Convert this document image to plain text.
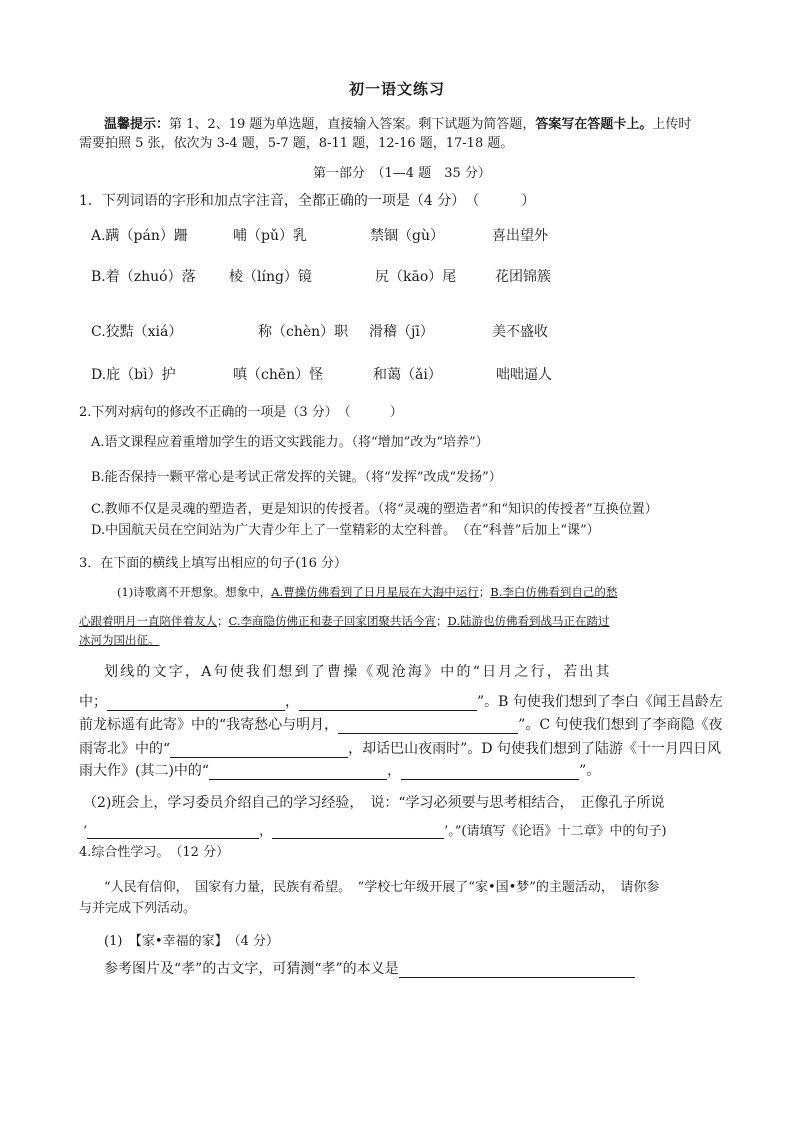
初一语文练习
温馨提示：第 1、2、19 题为单选题，直接输入答案。剩下试题为简答题，答案写在答题卡上。上传时
需要拍照 5 张，依次为 3-4 题，5-7 题，8-11 题，12-16 题，17-18 题。
第一部分　 （1—4 题　35 分）
1．下列词语的字形和加点字注音，全都正确的一项是（4 分）　（　　　）
A.蹒（pán）跚	哺（pǔ）乳	禁锢（gù）	喜出望外
B.着（zhuó）落 棱（líng）镜	尻（kāo）尾	花团锦簇
C.狡黠（xiá）	称（chèn）职 滑稽（jī）	美不盛收
D.庇（bì）护	嗔（chēn）怪	和蔼（ǎi）	咄咄逼人
2.下列对病句的修改不正确的一项是（3 分）　（　　　）
A.语文课程应着重增加学生的语文实践能力。（将“增加”改为“培养”）
B.能否保持一颗平常心是考试正常发挥的关键。（将“发挥”改成“发扬”）
C.教师不仅是灵魂的塑造者，更是知识的传授者。（将“灵魂的塑造者”和“知识的传授者”互换位置）
D.中国航天员在空间站为广大青少年上了一堂精彩的太空科普。　（在“科普”后加上“课”）
3．在下面的横线上填写出相应的句子(16 分）
(1)诗歌离不开想象。想象中，A.曹操仿佛看到了日月星辰在大海中运行；B.李白仿佛看到自己的愁
心跟着明月一直陪伴着友人；C.李商隐仿佛正和妻子回家团聚共话今宵；D.陆游也仿佛看到战马正在踏过
冰河为国出征。
划线的文字，A句使我们想到了曹操《观沧海》中的“日月之行，若出其
中；	，	”。B 句使我们想到了李白《闻王昌龄左
前龙标遥有此寄》中的“我寄愁心与明月，	”。C 句使我们想到了李商隐《夜
雨寄北》中的“	，却话巴山夜雨时”。D 句使我们想到了陆游《十一月四日风
雨大作》(其二)中的“	，	”。
（2)班会上，学习委员介绍自己的学习经验，　说：“学习必须要与思考相结合，　正像孔子所说
‘	，	’。”(请填写《论语》十二章》中的句子)
4.综合性学习。　（12 分）
“人民有信仰，　国家有力量，民族有希望。　”学校七年级开展了“家•国•梦”的主题活动，　请你参
与并完成下列活动。
(1)　【家•幸福的家】　（4 分）
参考图片及“孝”的古文字，可猜测“孝”的本义是
